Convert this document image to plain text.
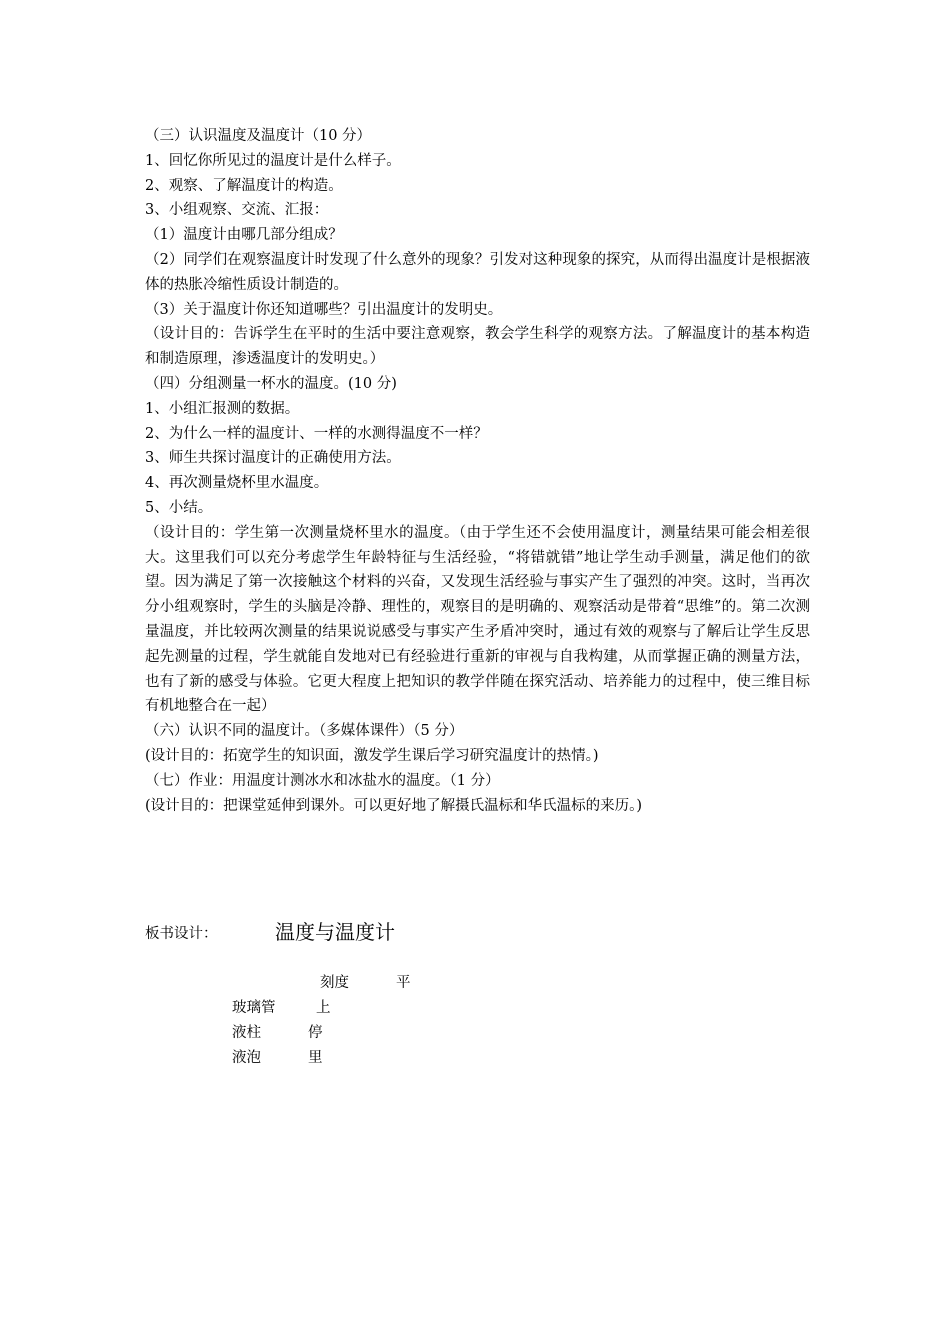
（三）认识温度及温度计（10 分）
1、回忆你所见过的温度计是什么样子。
2、观察、了解温度计的构造。
3、小组观察、交流、汇报：
（1）温度计由哪几部分组成？
（2）同学们在观察温度计时发现了什么意外的现象？引发对这种现象的探究，从而得出温度计是根据液体的热胀冷缩性质设计制造的。
（3）关于温度计你还知道哪些？引出温度计的发明史。
（设计目的：告诉学生在平时的生活中要注意观察，教会学生科学的观察方法。了解温度计的基本构造和制造原理，渗透温度计的发明史。）
（四）分组测量一杯水的温度。(10 分)
1、小组汇报测的数据。
2、为什么一样的温度计、一样的水测得温度不一样？
3、师生共探讨温度计的正确使用方法。
4、再次测量烧杯里水温度。
5、小结。
（设计目的：学生第一次测量烧杯里水的温度。（由于学生还不会使用温度计，测量结果可能会相差很大。这里我们可以充分考虑学生年龄特征与生活经验，“将错就错”地让学生动手测量，满足他们的欲望。因为满足了第一次接触这个材料的兴奋，又发现生活经验与事实产生了强烈的冲突。这时，当再次分小组观察时，学生的头脑是冷静、理性的，观察目的是明确的、观察活动是带着“思维”的。第二次测量温度，并比较两次测量的结果说说感受与事实产生矛盾冲突时，通过有效的观察与了解后让学生反思起先测量的过程，学生就能自发地对已有经验进行重新的审视与自我构建，从而掌握正确的测量方法，也有了新的感受与体验。它更大程度上把知识的教学伴随在探究活动、培养能力的过程中，使三维目标有机地整合在一起）
（六）认识不同的温度计。（多媒体课件）（5 分）
(设计目的：拓宽学生的知识面，激发学生课后学习研究温度计的热情。)
（七）作业：用温度计测冰水和冰盐水的温度。（1 分）
(设计目的：把课堂延伸到课外。可以更好地了解摄氏温标和华氏温标的来历。)
板书设计：	温度与温度计
刻度	平
玻璃管	上
液柱	停
液泡	里
